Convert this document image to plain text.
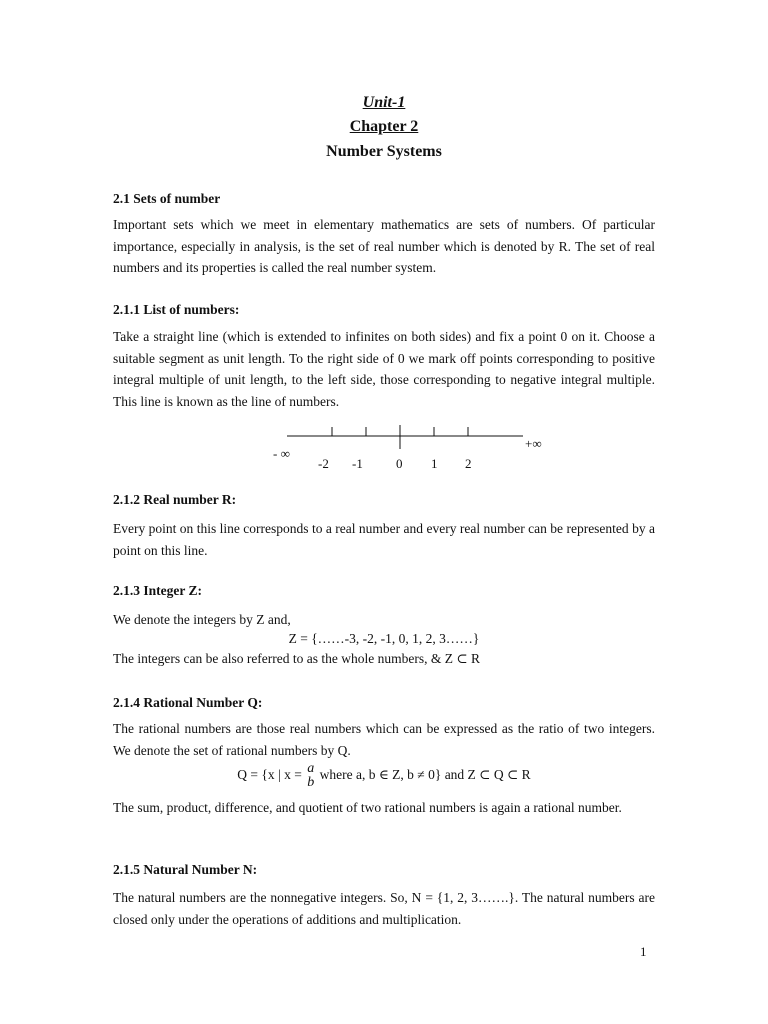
Unit-1
Chapter 2
Number Systems
2.1 Sets of number

Important sets which we meet in elementary mathematics are sets of numbers. Of particular importance, especially in analysis, is the set of real number which is denoted by R. The set of real numbers and its properties is called the real number system.

2.1.1 List of numbers:

Take a straight line (which is extended to infinites on both sides) and fix a point 0 on it. Choose a suitable segment as unit length. To the right side of 0 we mark off points corresponding to positive integral multiple of unit length, to the left side, those corresponding to negative integral multiple. This line is known as the line of numbers.

- ∞
+∞
-2 -1	0 1 2
2.1.2 Real number R:

Every point on this line corresponds to a real number and every real number can be represented by a point on this line.

2.1.3 Integer Z:
We denote the integers by Z and,
Z = {……-3, -2, -1, 0, 1, 2, 3……}
The integers can be also referred to as the whole numbers, & Z ⊂ R
2.1.4 Rational Number Q:

The rational numbers are those real numbers which can be expressed as the ratio of two integers. We denote the set of rational numbers by Q.

Q = {x | x = a
b
where a, b ∈ Z, b ≠ 0} and Z ⊂ Q ⊂ R

The sum, product, difference, and quotient of two rational numbers is again a rational number.

2.1.5 Natural Number N:

The natural numbers are the nonnegative integers. So, N = {1, 2, 3…….}. The natural numbers are closed only under the operations of additions and multiplication.

1
